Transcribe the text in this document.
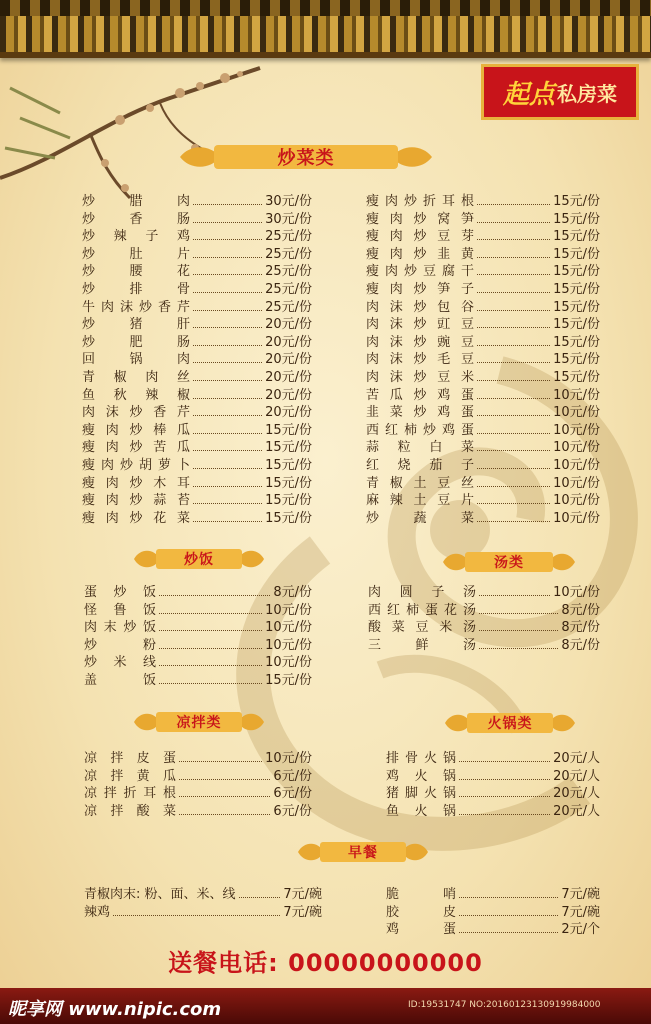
起点 私房菜
炒菜类
炒饭	汤类
凉拌类	火锅类
早餐
炒腊肉	30元/份
炒香肠	30元/份
炒辣子鸡	25元/份
炒肚片	25元/份
炒腰花	25元/份
炒排骨	25元/份
牛肉沫炒香芹	25元/份
炒猪肝	20元/份
炒肥肠	20元/份
回锅肉	20元/份
青椒肉丝	20元/份
鱼秋辣椒	20元/份
肉沫炒香芹	20元/份
瘦肉炒棒瓜	15元/份
瘦肉炒苦瓜	15元/份
瘦肉炒胡萝卜	15元/份
瘦肉炒木耳	15元/份
瘦肉炒蒜苔	15元/份
瘦肉炒花菜	15元/份
瘦肉炒折耳根	15元/份
瘦肉炒窝笋	15元/份
瘦肉炒豆芽	15元/份
瘦肉炒韭黄	15元/份
瘦肉炒豆腐干	15元/份
瘦肉炒笋子	15元/份
肉沫炒包谷	15元/份
肉沫炒豇豆	15元/份
肉沫炒豌豆	15元/份
肉沫炒毛豆	15元/份
肉沫炒豆米	15元/份
苦瓜炒鸡蛋	10元/份
韭菜炒鸡蛋	10元/份
西红柿炒鸡蛋	10元/份
蒜粒白菜	10元/份
红烧茄子	10元/份
青椒土豆丝	10元/份
麻辣土豆片	10元/份
炒蔬菜	10元/份
蛋炒饭	8元/份
怪鲁饭	10元/份
肉末炒饭	10元/份
炒粉	10元/份
炒米线	10元/份
盖饭	15元/份
肉圆子汤	10元/份
西红柿蛋花汤	8元/份
酸菜豆米汤	8元/份
三鲜汤	8元/份
凉拌皮蛋	10元/份
凉拌黄瓜	6元/份
凉拌折耳根	6元/份
凉拌酸菜	6元/份
排骨火锅	20元/人
鸡火锅	20元/人
猪脚火锅	20元/人
鱼火锅	20元/人
青椒肉末: 粉、面、米、线	7元/碗
辣鸡	7元/碗
脆哨	7元/碗
胶皮	7元/碗
鸡蛋	2元/个
送餐电话: 00000000000
昵享网 www.nipic.com	ID:19531747 NO:20160123130919984000
